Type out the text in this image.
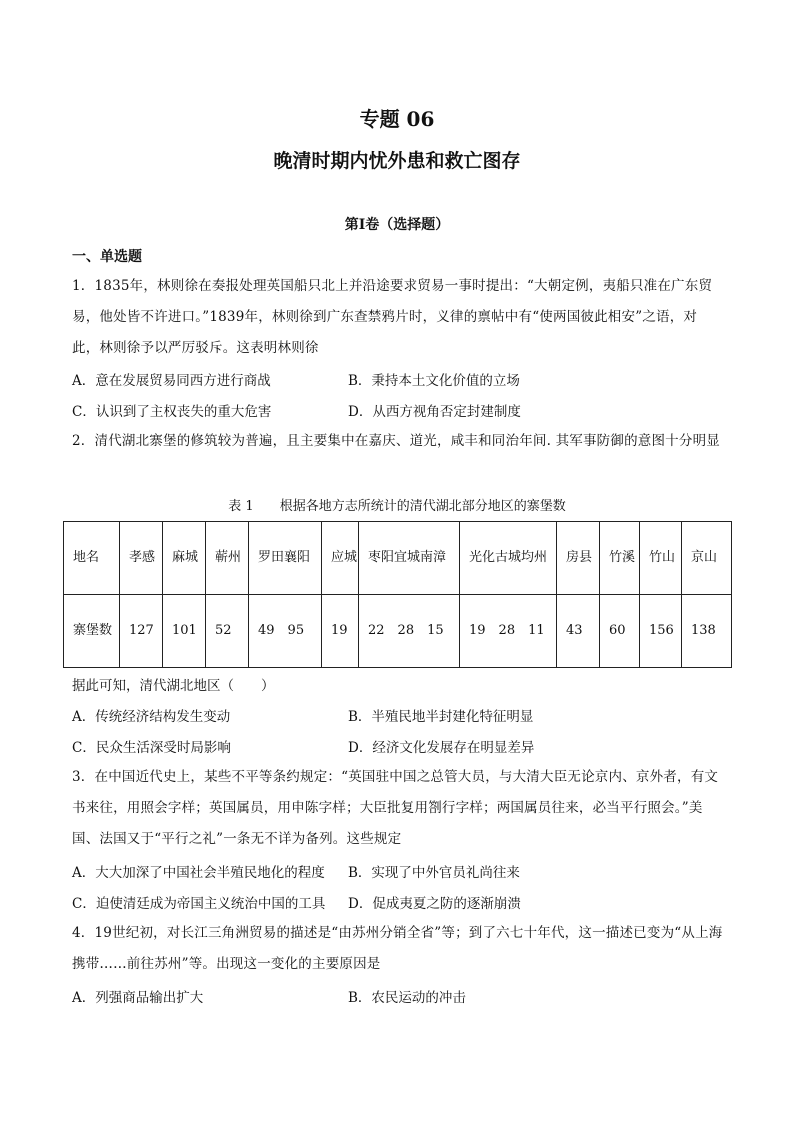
专题 06
晚清时期内忧外患和救亡图存
第Ⅰ卷（选择题）
一、单选题
1．1835年，林则徐在奏报处理英国船只北上并沿途要求贸易一事时提出：“大朝定例，夷船只准在广东贸易，他处皆不许进口。”1839年，林则徐到广东查禁鸦片时，义律的禀帖中有“使两国彼此相安”之语，对此，林则徐予以严厉驳斥。这表明林则徐
A．意在发展贸易同西方进行商战	B．秉持本土文化价值的立场
C．认识到了主权丧失的重大危害	D．从西方视角否定封建制度
2．清代湖北寨堡的修筑较为普遍，且主要集中在嘉庆、道光，咸丰和同治年间. 其军事防御的意图十分明显
表 1　　根据各地方志所统计的清代湖北部分地区的寨堡数
地名	孝感	麻城	蕲州	罗田襄阳	应城	枣阳宜城南漳	光化古城均州	房县	竹溪	竹山	京山
寨堡数	127	101	52	49　95	19	22　28　15	19　28　11	43	60	156	138
据此可知，清代湖北地区（　　）
A．传统经济结构发生变动	B．半殖民地半封建化特征明显
C．民众生活深受时局影响	D．经济文化发展存在明显差异
3．在中国近代史上，某些不平等条约规定：“英国驻中国之总管大员，与大清大臣无论京内、京外者，有文书来往，用照会字样；英国属员，用申陈字样；大臣批复用劄行字样；两国属员往来，必当平行照会。”美国、法国又于“平行之礼”一条无不详为备列。这些规定
A．大大加深了中国社会半殖民地化的程度 B．实现了中外官员礼尚往来
C．迫使清廷成为帝国主义统治中国的工具 D．促成夷夏之防的逐渐崩溃
4．19世纪初，对长江三角洲贸易的描述是“由苏州分销全省”等；到了六七十年代，这一描述已变为“从上海携带……前往苏州”等。出现这一变化的主要原因是
A．列强商品输出扩大	B．农民运动的冲击
